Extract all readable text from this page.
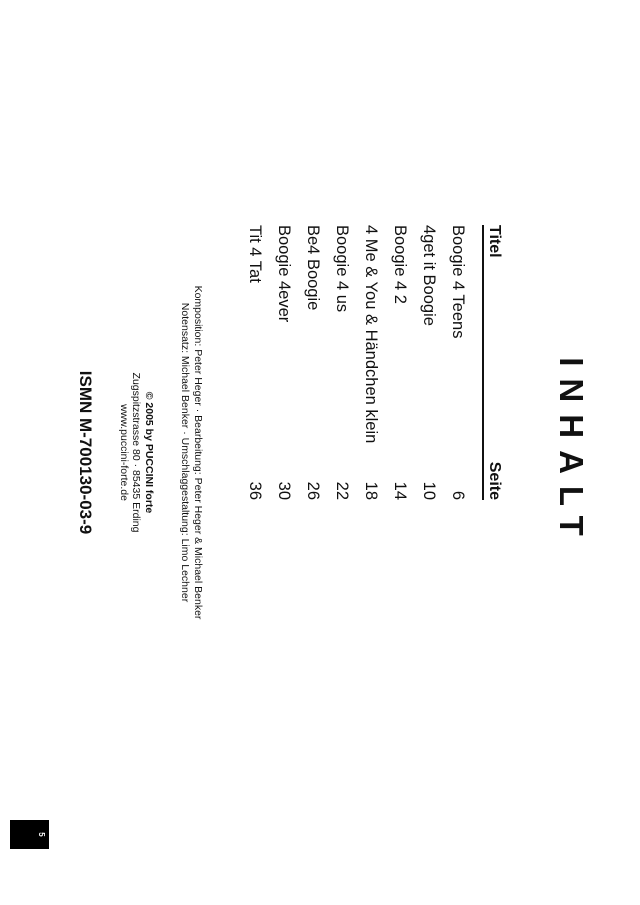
INHALT
Titel
Seite
Boogie 4 Teens
6
4get it Boogie
10
Boogie 4 2
14
4 Me & You & Händchen klein
18
Boogie 4 us
22
Be4 Boogie
26
Boogie 4ever
30
Tit 4 Tat
36
Komposition: Peter Heger · Bearbeitung: Peter Heger & Michael Benker
Notensatz: Michael Benker · Umschlaggestaltung: Limo Lechner
© 2005 by PUCCINI forte
Zugspitzstrasse 80 · 85435 Erding
www.puccini-forte.de
ISMN M-700130-03-9
5
